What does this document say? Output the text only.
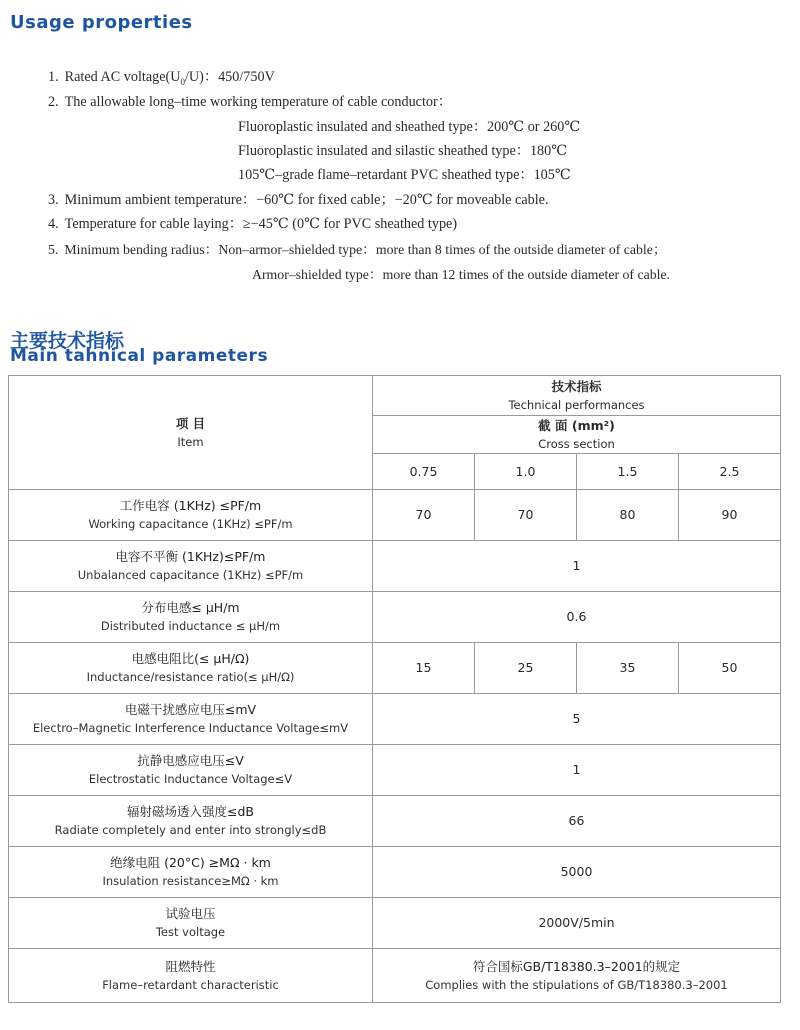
Usage properties
1. Rated AC $voltage(U_0/U)$：450/750V
2. The allowable long–time working temperature of cable conductor：
Fluoroplastic insulated and sheathed type：200℃ or 260℃
Fluoroplastic insulated and silastic sheathed type：180℃
105℃–grade flame–retardant PVC sheathed type：105℃
3. Minimum ambient temperature：−60℃ for fixed cable；−20℃ for moveable cable.
4. Temperature for cable laying：≥−45℃ (0℃ for PVC sheathed type)
5. Minimum bending radius：Non–armor–shielded type：more than 8 times of the outside diameter of cable；
Armor–shielded type：more than 12 times of the outside diameter of cable.
主要技术指标
Main tahnical parameters
项 目
Item	技术指标
Technical performances			

	截 面 (mm²)
Cross section			

	0.75	1.0	1.5	2.5

工作电容 (1KHz) ≤PF/m
Working capacitance (1KHz) ≤PF/m	70	70	80	90

电容不平衡 (1KHz)≤PF/m
Unbalanced capacitance (1KHz) ≤PF/m	1			

分布电感≤ μH/m
Distributed inductance ≤ μH/m	0.6			

电感电阻比(≤ μH/Ω)
Inductance/resistance ratio(≤ μH/Ω)	15	25	35	50

电磁干扰感应电压≤mV
Electro–Magnetic Interference Inductance Voltage≤mV	5			

抗静电感应电压≤V
Electrostatic Inductance Voltage≤V	1			

辐射磁场透入强度≤dB
Radiate completely and enter into strongly≤dB	66			

绝缘电阻 (20°C) ≥MΩ · km
Insulation resistance≥MΩ · km	5000			

试验电压
Test voltage	2000V/5min			

阻燃特性
Flame–retardant characteristic	符合国标GB/T18380.3–2001的规定
Complies with the stipulations of GB/T18380.3–2001			
